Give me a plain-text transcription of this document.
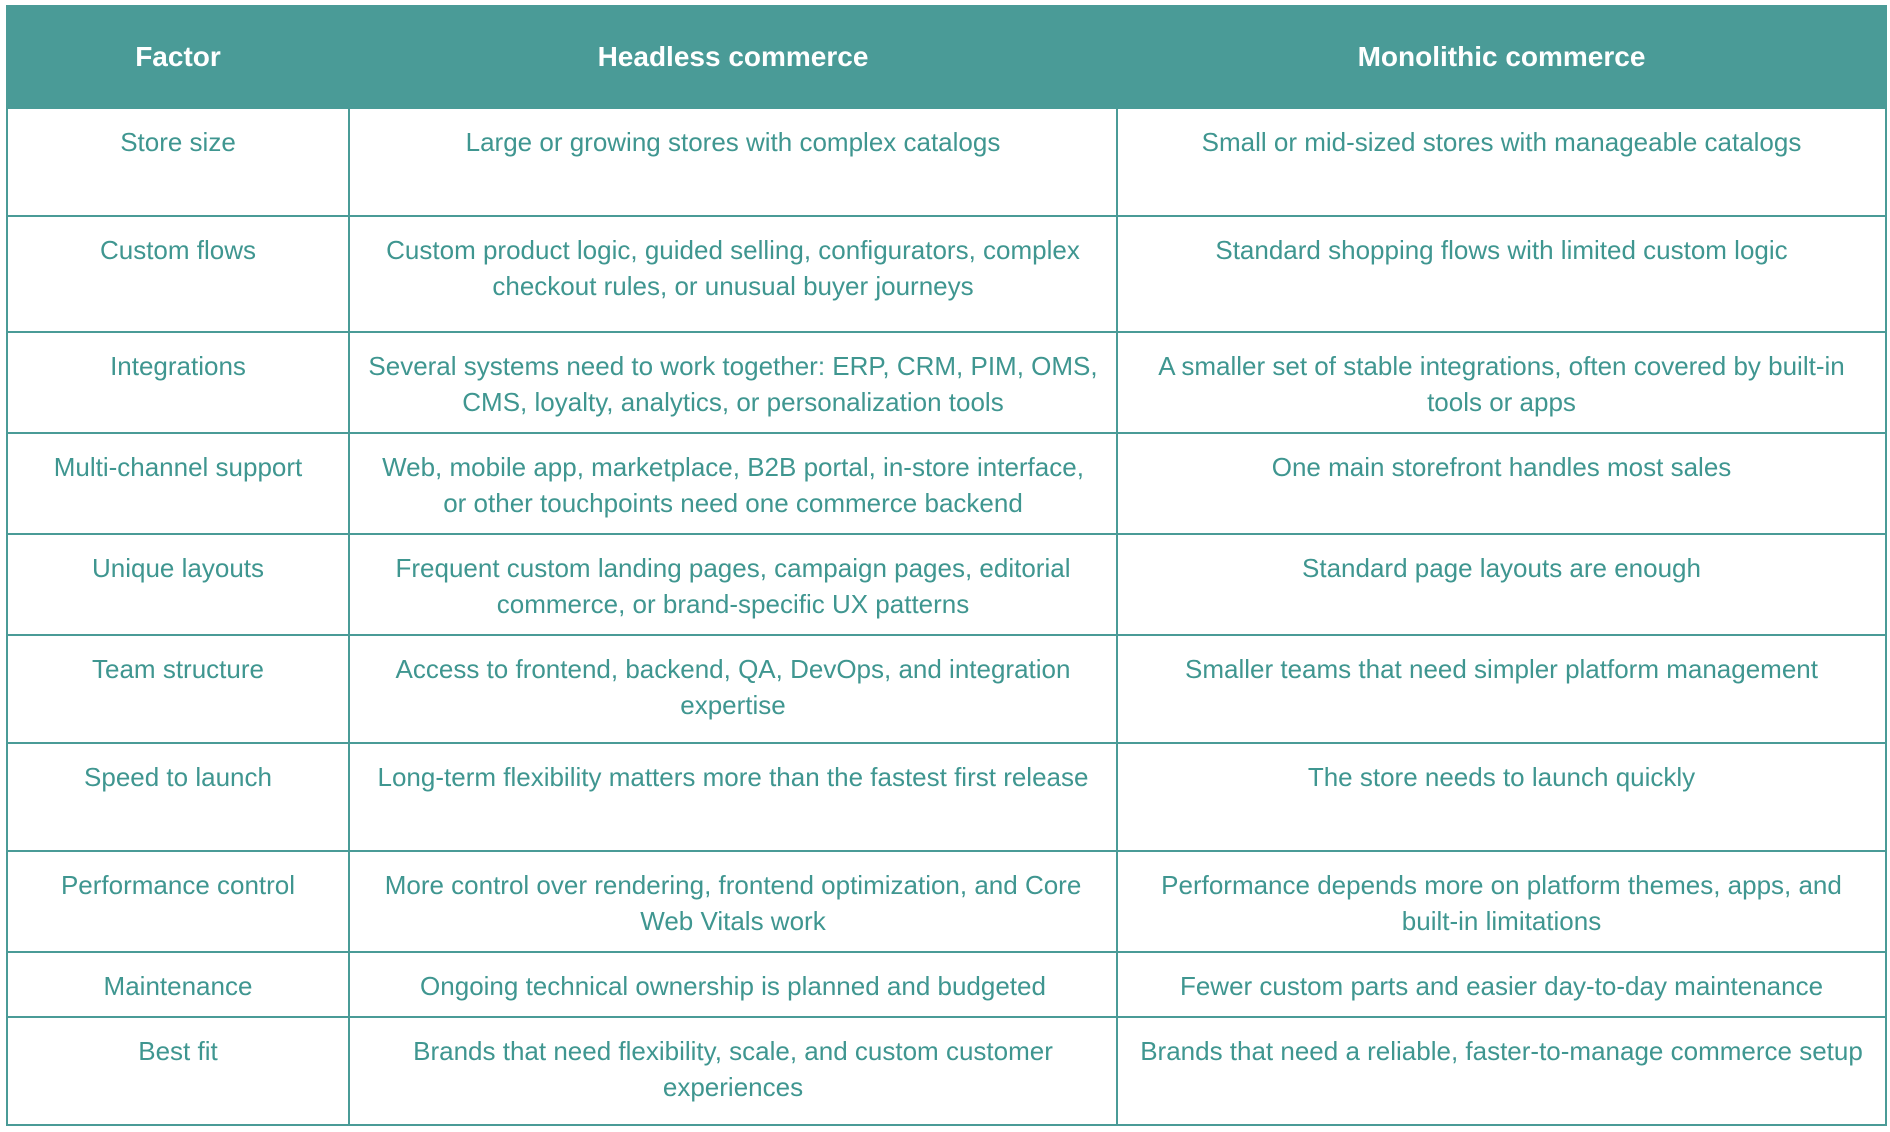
Factor	Headless commerce	Monolithic commerce
Store size	Large or growing stores with complex catalogs	Small or mid-sized stores with manageable catalogs
Custom flows	Custom product logic, guided selling, configurators, complex checkout rules, or unusual buyer journeys	Standard shopping flows with limited custom logic
Integrations	Several systems need to work together: ERP, CRM, PIM, OMS, CMS, loyalty, analytics, or personalization tools	A smaller set of stable integrations, often covered by built-in tools or apps
Multi-channel support	Web, mobile app, marketplace, B2B portal, in-store interface, or other touchpoints need one commerce backend	One main storefront handles most sales
Unique layouts	Frequent custom landing pages, campaign pages, editorial commerce, or brand-specific UX patterns	Standard page layouts are enough
Team structure	Access to frontend, backend, QA, DevOps, and integration expertise	Smaller teams that need simpler platform management
Speed to launch	Long-term flexibility matters more than the fastest first release	The store needs to launch quickly
Performance control	More control over rendering, frontend optimization, and Core Web Vitals work	Performance depends more on platform themes, apps, and built-in limitations
Maintenance	Ongoing technical ownership is planned and budgeted	Fewer custom parts and easier day-to-day maintenance
Best fit	Brands that need flexibility, scale, and custom customer experiences	Brands that need a reliable, faster-to-manage commerce setup
